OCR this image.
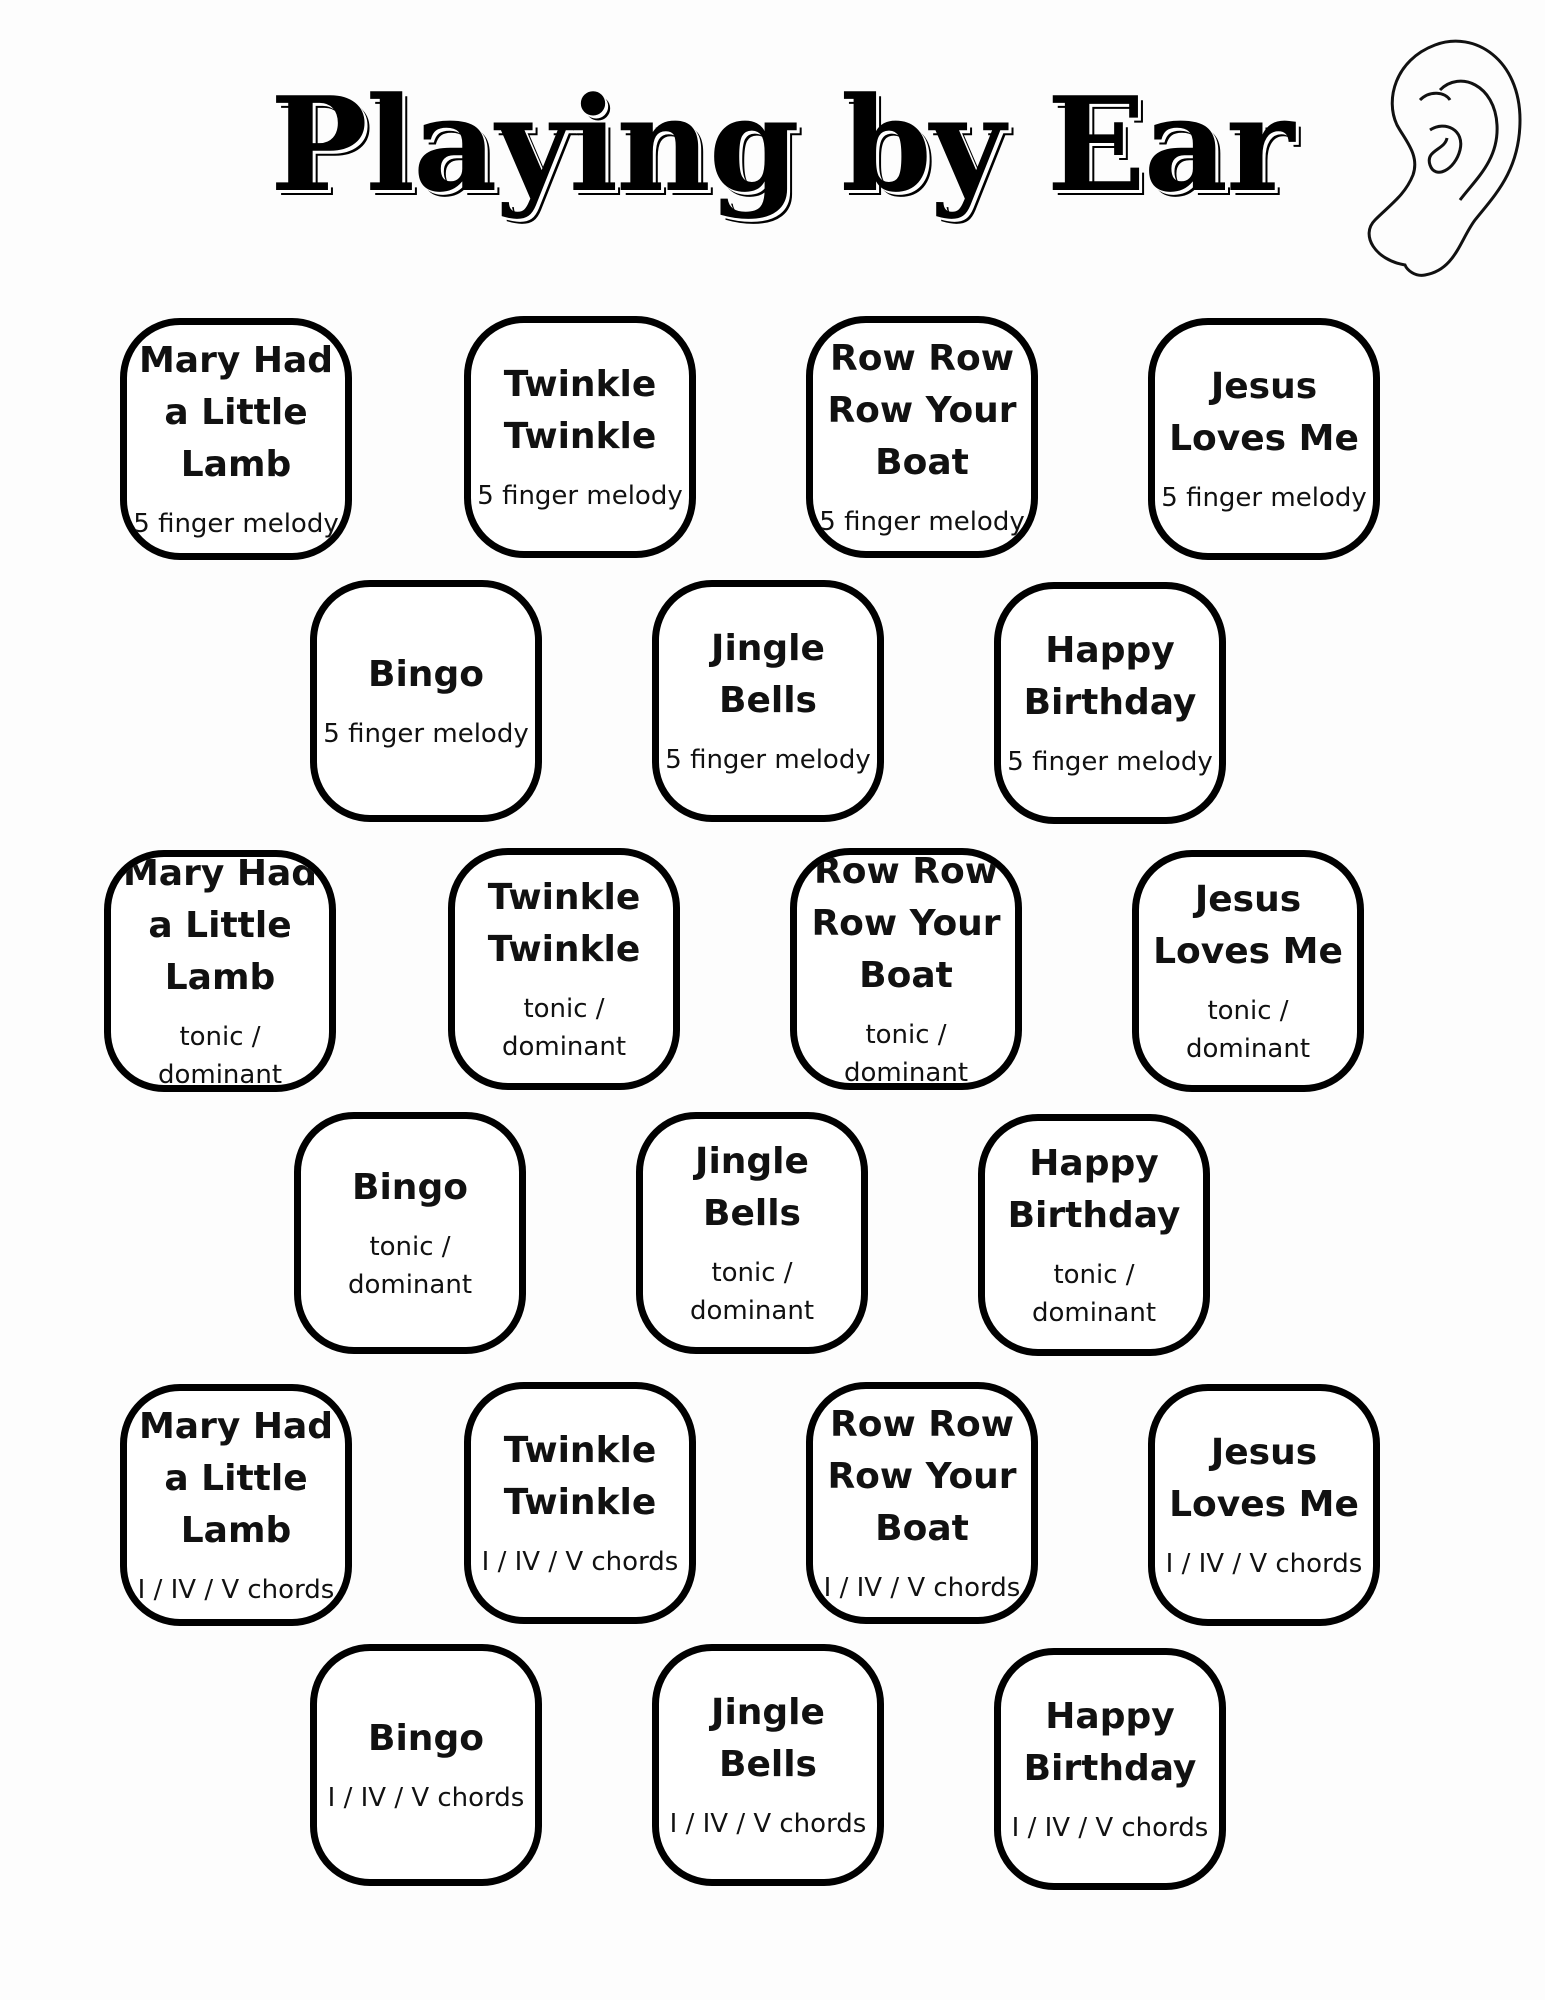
Playing by Ear
Mary Had a Little Lamb
5 finger melody
Twinkle Twinkle
5 finger melody
Row Row Row Your Boat
5 finger melody
Jesus Loves Me
5 finger melody
Bingo
5 finger melody
Jingle Bells
5 finger melody
Happy Birthday
5 finger melody
Mary Had a Little Lamb
tonic / dominant
Twinkle Twinkle
tonic / dominant
Row Row Row Your Boat
tonic / dominant
Jesus Loves Me
tonic / dominant
Bingo
tonic / dominant
Jingle Bells
tonic / dominant
Happy Birthday
tonic / dominant
Mary Had a Little Lamb
I / IV / V chords
Twinkle Twinkle
I / IV / V chords
Row Row Row Your Boat
I / IV / V chords
Jesus Loves Me
I / IV / V chords
Bingo
I / IV / V chords
Jingle Bells
I / IV / V chords
Happy Birthday
I / IV / V chords
